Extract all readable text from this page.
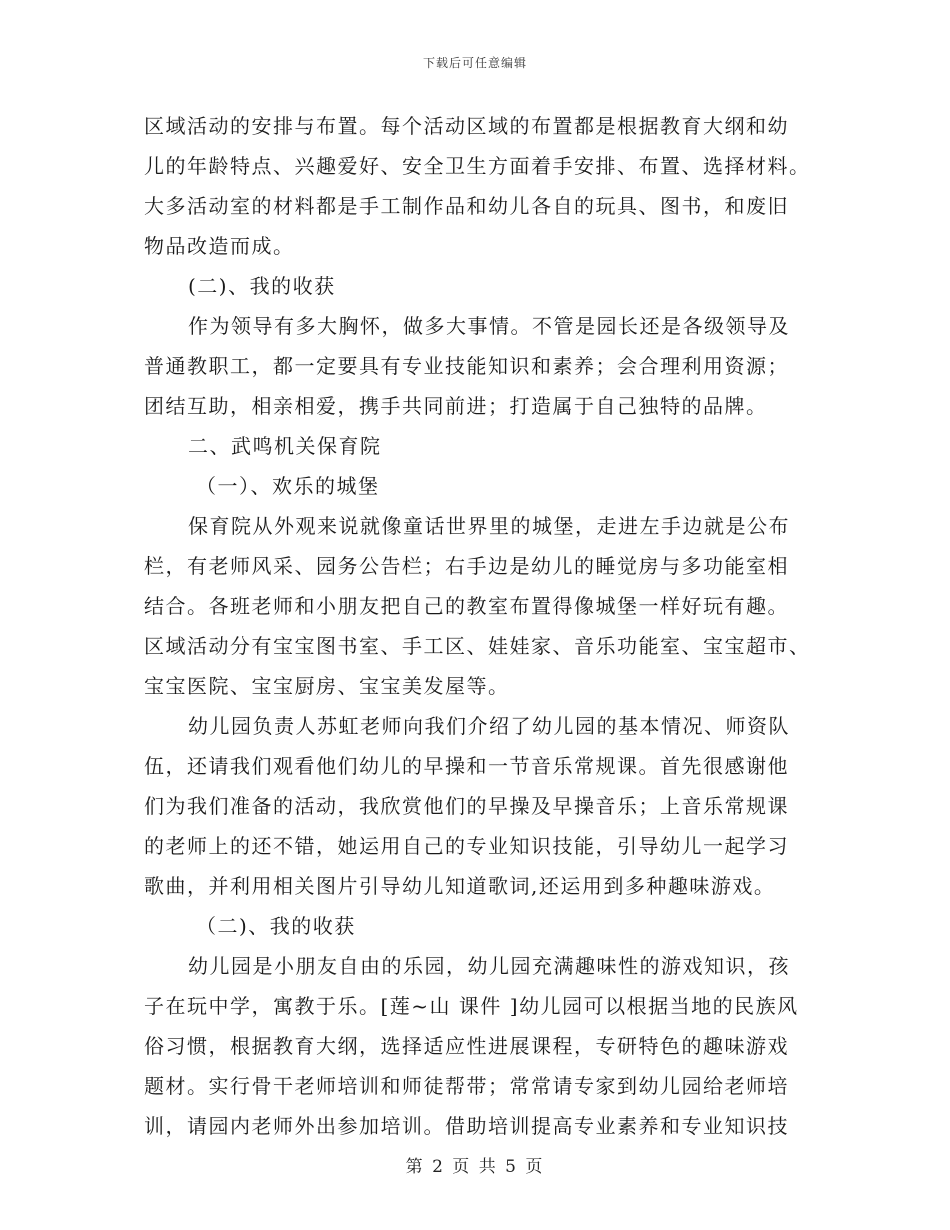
下载后可任意编辑
区域活动的安排与布置。每个活动区域的布置都是根据教育大纲和幼
儿的年龄特点、兴趣爱好、安全卫生方面着手安排、布置、选择材料。
大多活动室的材料都是手工制作品和幼儿各自的玩具、图书，和废旧
物品改造而成。
(二)、我的收获
作为领导有多大胸怀，做多大事情。不管是园长还是各级领导及
普通教职工，都一定要具有专业技能知识和素养；会合理利用资源；
团结互助，相亲相爱，携手共同前进；打造属于自己独特的品牌。
二、武鸣机关保育院
（一）、欢乐的城堡
保育院从外观来说就像童话世界里的城堡，走进左手边就是公布
栏，有老师风采、园务公告栏；右手边是幼儿的睡觉房与多功能室相
结合。各班老师和小朋友把自己的教室布置得像城堡一样好玩有趣。
区域活动分有宝宝图书室、手工区、娃娃家、音乐功能室、宝宝超市、
宝宝医院、宝宝厨房、宝宝美发屋等。
幼儿园负责人苏虹老师向我们介绍了幼儿园的基本情况、师资队
伍，还请我们观看他们幼儿的早操和一节音乐常规课。首先很感谢他
们为我们准备的活动，我欣赏他们的早操及早操音乐；上音乐常规课
的老师上的还不错，她运用自己的专业知识技能，引导幼儿一起学习
歌曲，并利用相关图片引导幼儿知道歌词,还运用到多种趣味游戏。
（二)、我的收获
幼儿园是小朋友自由的乐园，幼儿园充满趣味性的游戏知识，孩
子在玩中学，寓教于乐。[莲~山 课件 ]幼儿园可以根据当地的民族风
俗习惯，根据教育大纲，选择适应性进展课程，专研特色的趣味游戏
题材。实行骨干老师培训和师徒帮带；常常请专家到幼儿园给老师培
训，请园内老师外出参加培训。借助培训提高专业素养和专业知识技
第 2 页 共 5 页
